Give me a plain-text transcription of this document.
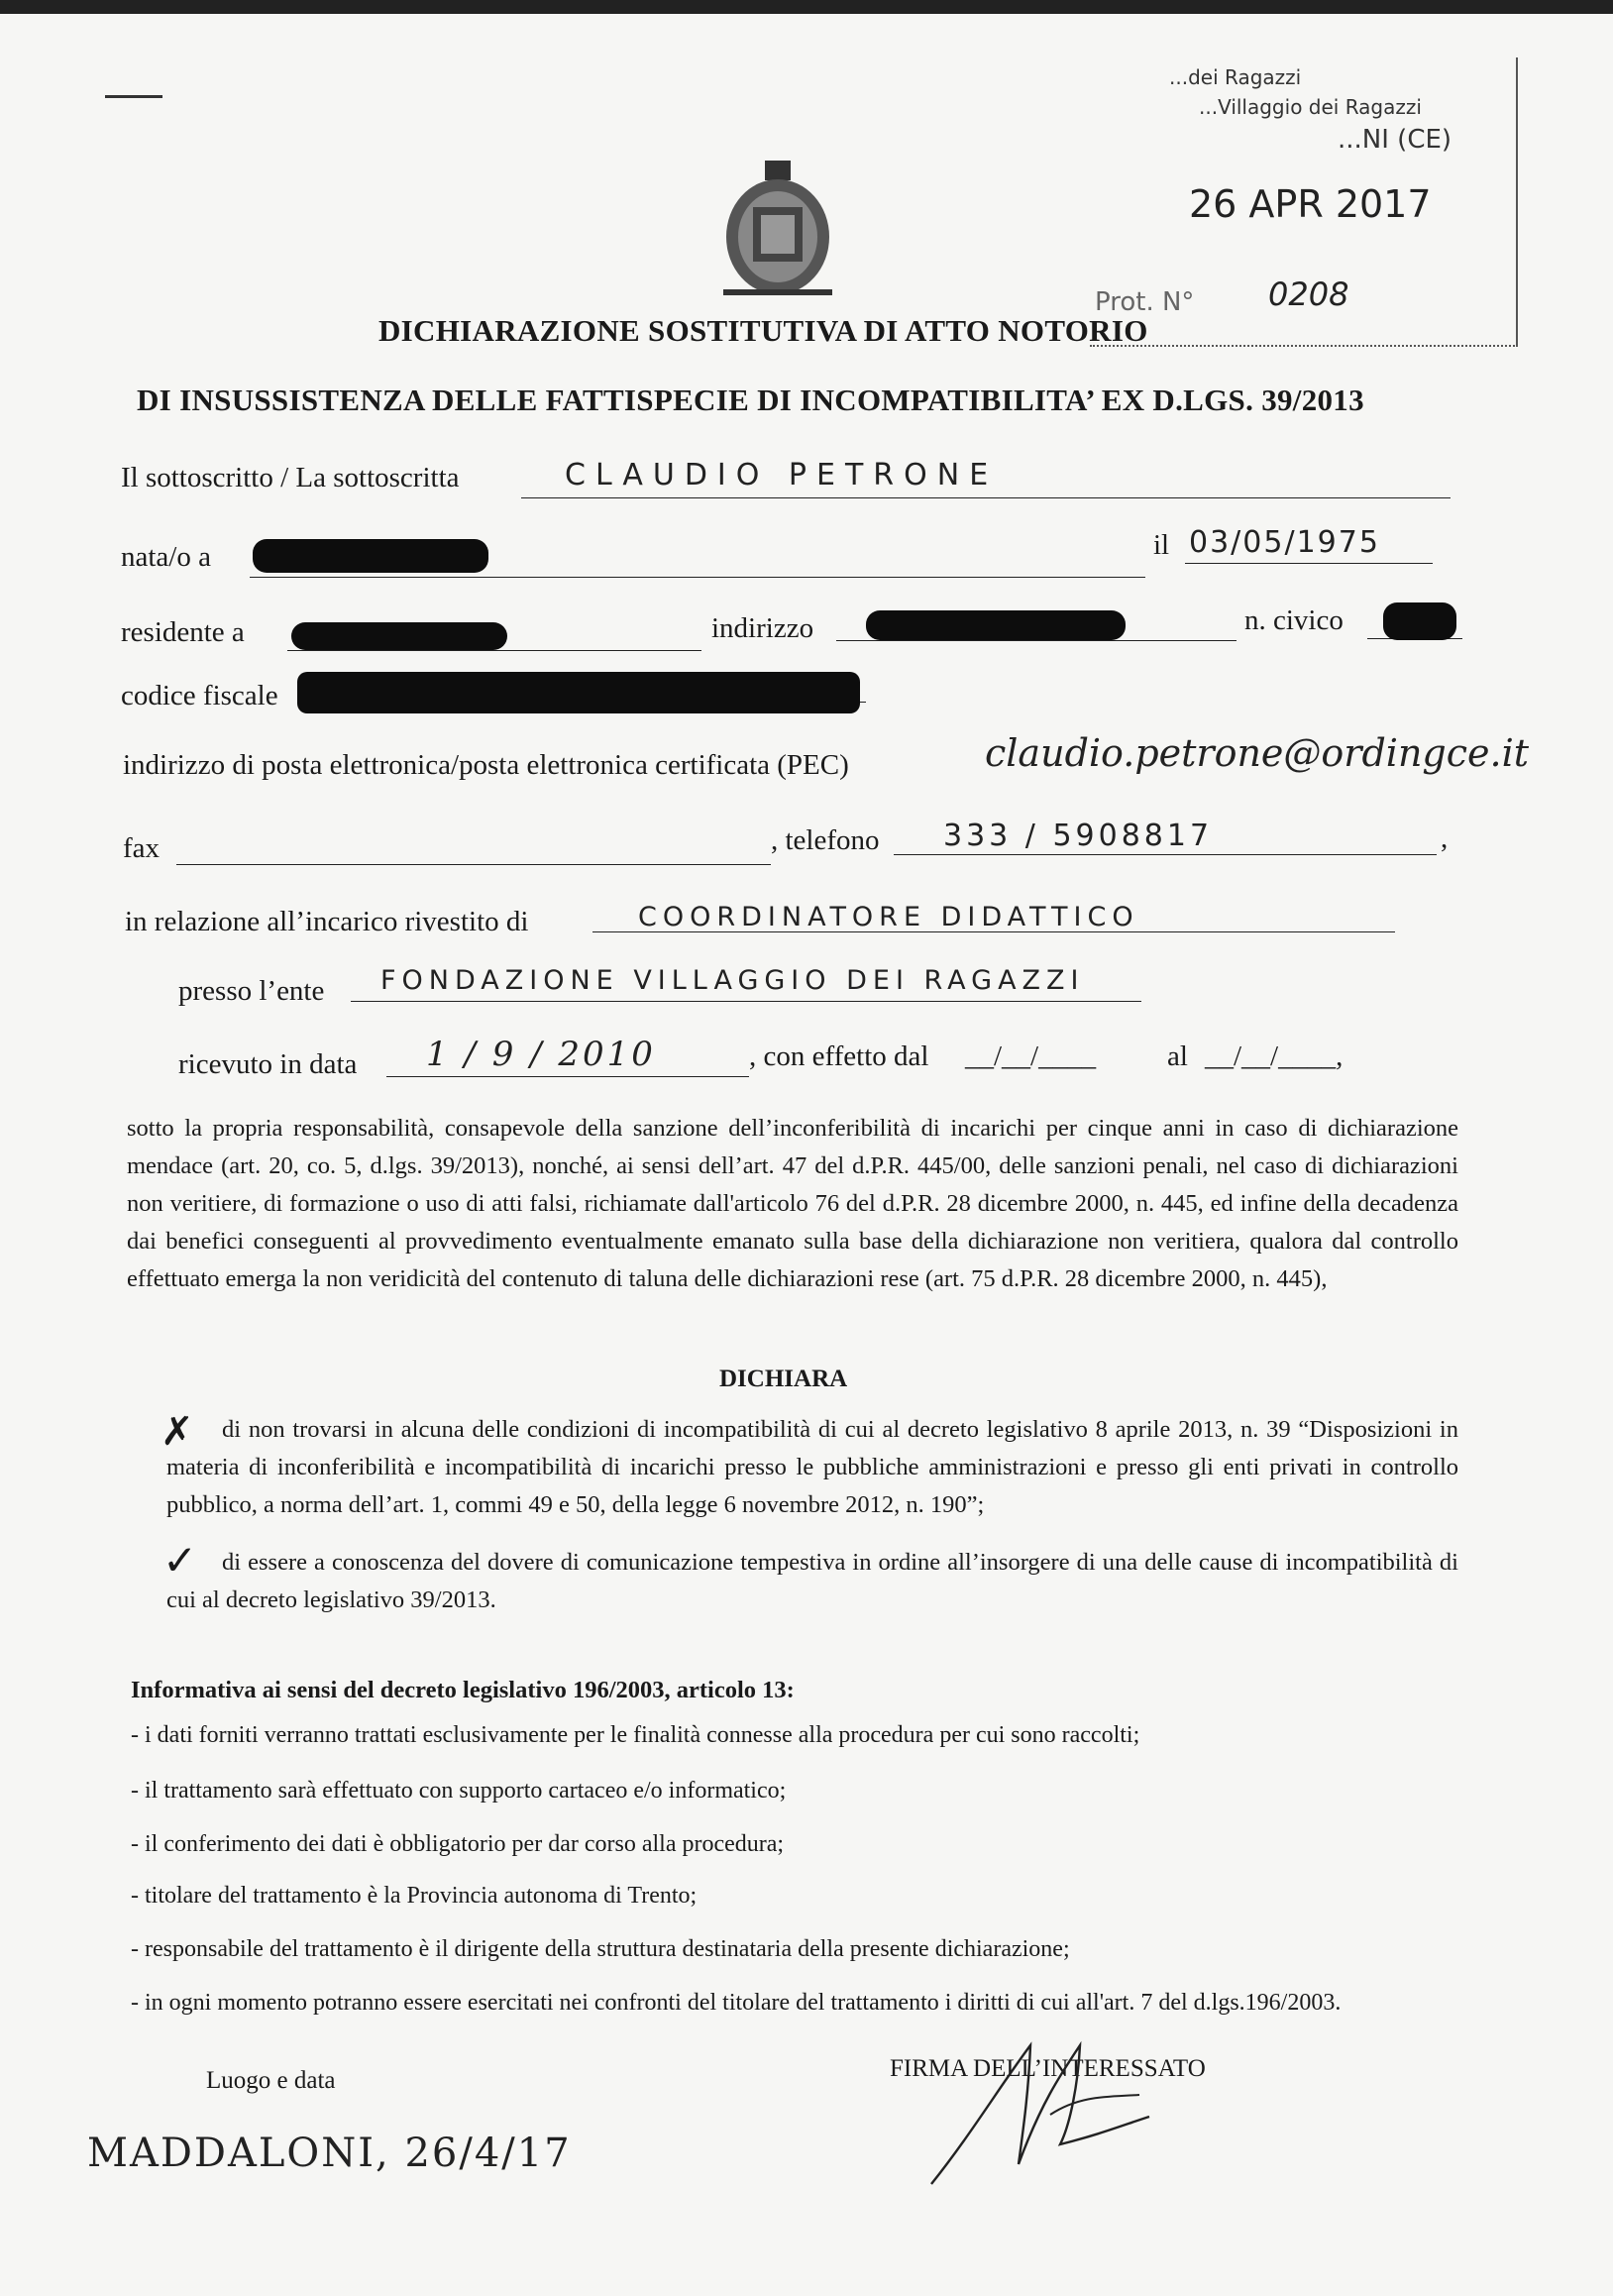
...dei Ragazzi
...Villaggio dei Ragazzi
...NI (CE)
26 APR 2017
Prot. N° 0208
DICHIARAZIONE SOSTITUTIVA DI ATTO NOTORIO
DI INSUSSISTENZA DELLE FATTISPECIE DI INCOMPATIBILITA’ EX D.LGS. 39/2013
Il sottoscritto / La sottoscritta	CLAUDIO PETRONE
nata/o a	il 03/05/1975
residente a	indirizzo	n. civico
codice fiscale
indirizzo di posta elettronica/posta elettronica certificata (PEC)	claudio.petrone@ordingce.it
fax	, telefono 333 / 5908817	,
in relazione all’incarico rivestito di	COORDINATORE DIDATTICO
presso l’ente FONDAZIONE VILLAGGIO DEI RAGAZZI
ricevuto in data 1 / 9 / 2010	, con effetto dal __/__/____ al __/__/____,
sotto la propria responsabilità, consapevole della sanzione dell’inconferibilità di incarichi per cinque anni in caso di dichiarazione mendace (art. 20, co. 5, d.lgs. 39/2013), nonché, ai sensi dell’art. 47 del d.P.R. 445/00, delle sanzioni penali, nel caso di dichiarazioni non veritiere, di formazione o uso di atti falsi, richiamate dall'articolo 76 del d.P.R. 28 dicembre 2000, n. 445, ed infine della decadenza dai benefici conseguenti al provvedimento eventualmente emanato sulla base della dichiarazione non veritiera, qualora dal controllo effettuato emerga la non veridicità del contenuto di taluna delle dichiarazioni rese (art. 75 d.P.R. 28 dicembre 2000, n. 445),
DICHIARA
✗	di non trovarsi in alcuna delle condizioni di incompatibilità di cui al decreto legislativo 8 aprile 2013, n. 39 “Disposizioni in materia di inconferibilità e incompatibilità di incarichi presso le pubbliche amministrazioni e presso gli enti privati in controllo pubblico, a norma dell’art. 1, commi 49 e 50, della legge 6 novembre 2012, n. 190”;
✓	di essere a conoscenza del dovere di comunicazione tempestiva in ordine all’insorgere di una delle cause di incompatibilità di cui al decreto legislativo 39/2013.
Informativa ai sensi del decreto legislativo 196/2003, articolo 13:
- i dati forniti verranno trattati esclusivamente per le finalità connesse alla procedura per cui sono raccolti;
- il trattamento sarà effettuato con supporto cartaceo e/o informatico;
- il conferimento dei dati è obbligatorio per dar corso alla procedura;
- titolare del trattamento è la Provincia autonoma di Trento;
- responsabile del trattamento è il dirigente della struttura destinataria della presente dichiarazione;
- in ogni momento potranno essere esercitati nei confronti del titolare del trattamento i diritti di cui all'art. 7 del d.lgs.196/2003.
Luogo e data
MADDALONI, 26/4/17
FIRMA DELL’INTERESSATO
